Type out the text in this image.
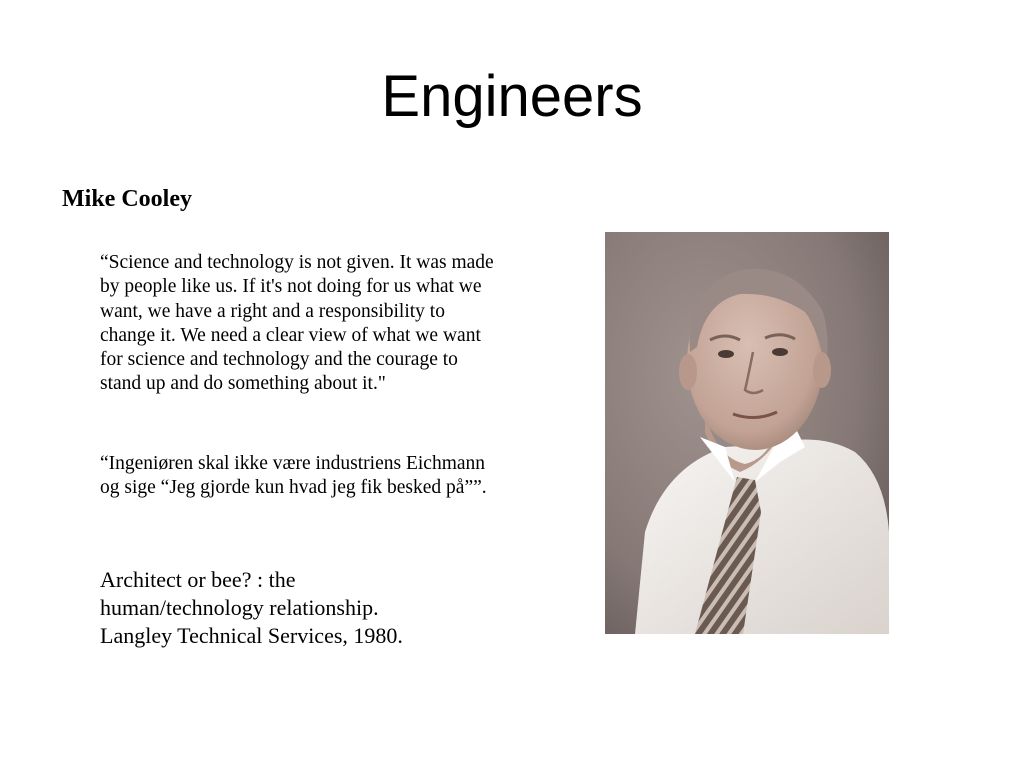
Engineers
Mike Cooley
“Science and technology is not given. It was made by people like us. If it's not doing for us what we want, we have a right and a responsibility to change it. We need a clear view of what we want for science and technology and the courage to stand up and do something about it."
“Ingeniøren skal ikke være industriens Eichmann og sige “Jeg gjorde kun hvad jeg fik besked på””.
Architect or bee? : the
human/technology relationship.
Langley Technical Services, 1980.
